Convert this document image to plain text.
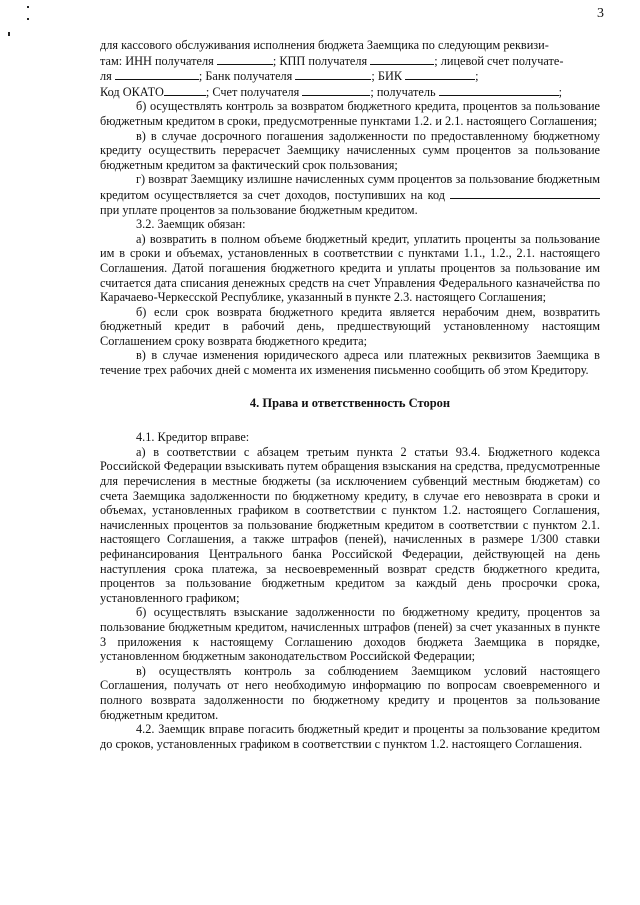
3

для кассового обслуживания исполнения бюджета Заемщика по следующим реквизи-

там: ИНН получателя	; КПП получателя	; лицевой счет получате-

ля	; Банк получателя	; БИК	;

Код ОКАТО	; Счет получателя	; получатель	;

б) осуществлять контроль за возвратом бюджетного кредита, процентов за пользование бюджетным кредитом в сроки, предусмотренные пунктами 1.2. и 2.1. настоящего Соглашения;

в) в случае досрочного погашения задолженности по предоставленному бюджетному кредиту осуществить перерасчет Заемщику начисленных сумм процентов за пользование бюджетным кредитом за фактический срок пользования;

г) возврат Заемщику излишне начисленных сумм процентов за пользование бюджетным кредитом осуществляется за счет доходов, поступивших на код  при уплате процентов за пользование бюджетным кредитом.

3.2. Заемщик обязан:

а) возвратить в полном объеме бюджетный кредит, уплатить проценты за пользование им в сроки и объемах, установленных в соответствии с пунктами 1.1., 1.2., 2.1. настоящего Соглашения. Датой погашения бюджетного кредита и уплаты процентов за пользование им считается дата списания денежных средств на счет Управления Федерального казначейства по Карачаево-Черкесской Республике, указанный в пункте 2.3. настоящего Соглашения;

б) если срок возврата бюджетного кредита является нерабочим днем, возвратить бюджетный кредит в рабочий день, предшествующий установленному настоящим Соглашением сроку возврата бюджетного кредита;

в) в случае изменения юридического адреса или платежных реквизитов Заемщика в течение трех рабочих дней с момента их изменения письменно сообщить об этом Кредитору.

4. Права и ответственность Сторон

4.1. Кредитор вправе:

а) в соответствии с абзацем третьим пункта 2 статьи 93.4. Бюджетного кодекса Российской Федерации взыскивать путем обращения взыскания на средства, предусмотренные для перечисления в местные бюджеты (за исключением субвенций местным бюджетам) со счета Заемщика задолженности по бюджетному кредиту, в случае его невозврата в сроки и объемах, установленных графиком в соответствии с пунктом 1.2. настоящего Соглашения, начисленных процентов за пользование бюджетным кредитом в соответствии с пунктом 2.1. настоящего Соглашения, а также штрафов (пеней), начисленных в размере 1/300 ставки рефинансирования Центрального банка Российской Федерации, действующей на день наступления срока платежа, за несвоевременный возврат средств бюджетного кредита, процентов за пользование бюджетным кредитом за каждый день просрочки срока, установленного графиком;

б) осуществлять взыскание задолженности по бюджетному кредиту, процентов за пользование бюджетным кредитом, начисленных штрафов (пеней) за счет указанных в пункте 3 приложения к настоящему Соглашению доходов бюджета Заемщика в порядке, установленном бюджетным законодательством Российской Федерации;

в) осуществлять контроль за соблюдением Заемщиком условий настоящего Соглашения, получать от него необходимую информацию по вопросам своевременного и полного возврата задолженности по бюджетному кредиту и процентов за пользование бюджетным кредитом.

4.2. Заемщик вправе погасить бюджетный кредит и проценты за пользование кредитом до сроков, установленных графиком в соответствии с пунктом 1.2. настоящего Соглашения.
